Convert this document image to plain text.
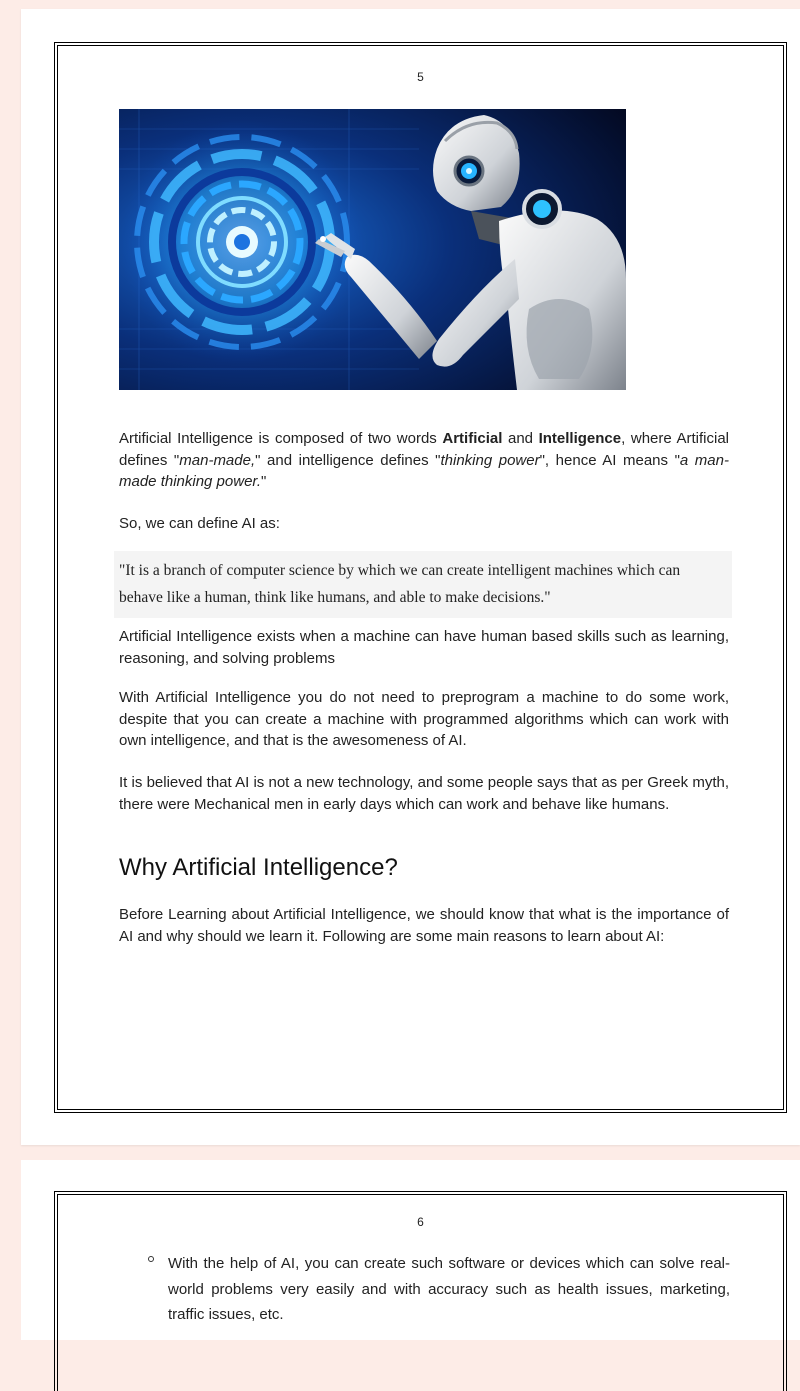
5

Artificial Intelligence is composed of two words Artificial and Intelligence, where Artificial defines "man-made," and intelligence defines "thinking power", hence AI means "a man-made thinking power."

So, we can define AI as:

"It is a branch of computer science by which we can create intelligent machines which can behave like a human, think like humans, and able to make decisions."

Artificial Intelligence exists when a machine can have human based skills such as learning, reasoning, and solving problems

With Artificial Intelligence you do not need to preprogram a machine to do some work, despite that you can create a machine with programmed algorithms which can work with own intelligence, and that is the awesomeness of AI.

It is believed that AI is not a new technology, and some people says that as per Greek myth, there were Mechanical men in early days which can work and behave like humans.

Why Artificial Intelligence?

Before Learning about Artificial Intelligence, we should know that what is the importance of AI and why should we learn it. Following are some main reasons to learn about AI:

6

With the help of AI, you can create such software or devices which can solve real-world problems very easily and with accuracy such as health issues, marketing, traffic issues, etc.
